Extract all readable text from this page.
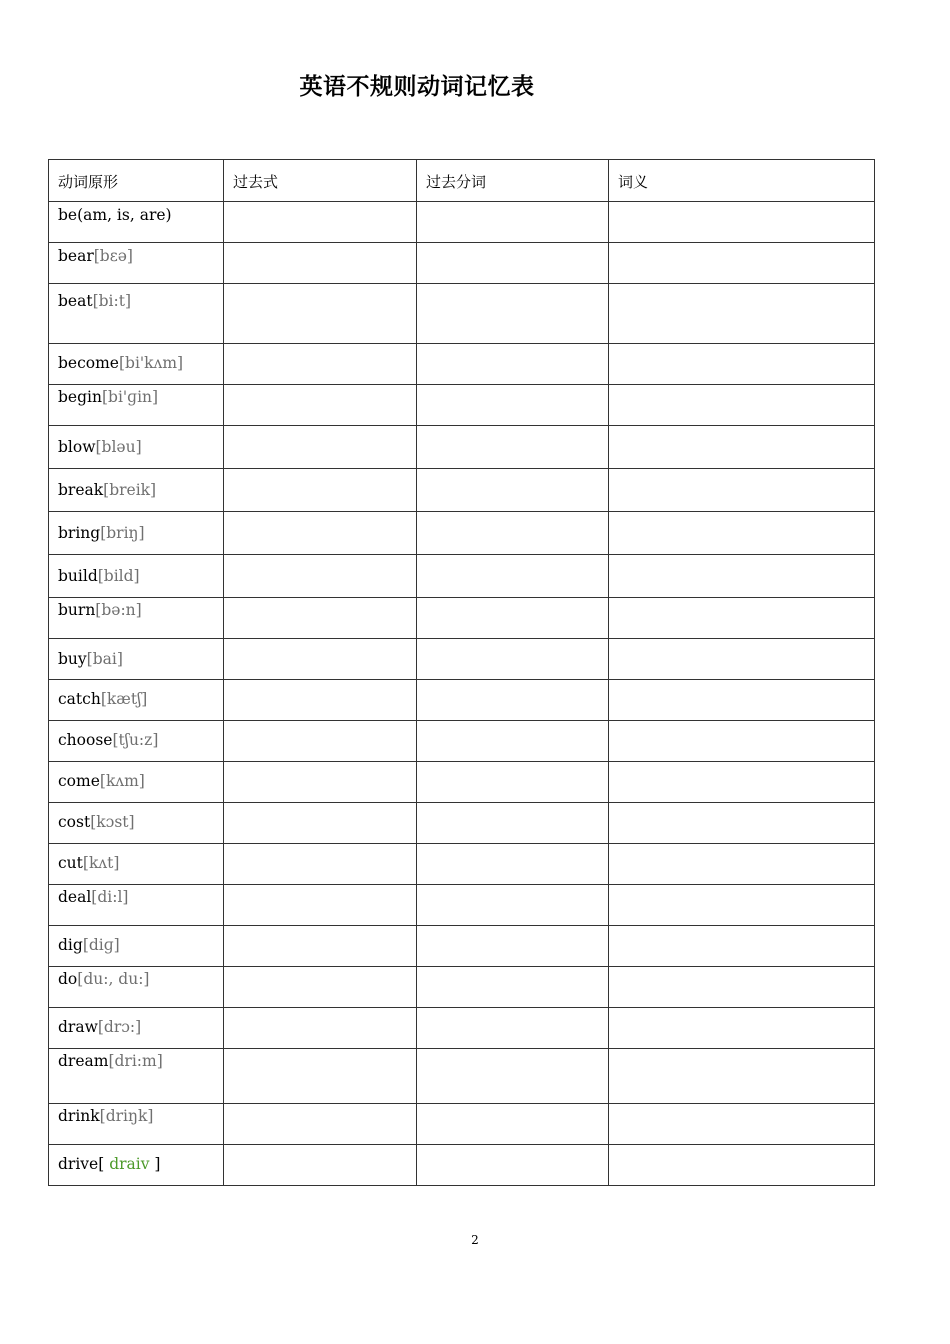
英语不规则动词记忆表
动词原形	过去式	过去分词	词义
be(am, is, are)			
bear[bεə]			
beat[bi:t]			
become[bi'kʌm]			
begin[bi'ɡin]			
blow[bləu]			
break[breik]			
bring[briŋ]			
build[bild]			
burn[bə:n]			
buy[bai]			
catch[kætʃ]			
choose[tʃu:z]			
come[kʌm]			
cost[kɔst]			
cut[kʌt]			
deal[di:l]			
dig[diɡ]			
do[du:, du:]			
draw[drɔ:]			
dream[dri:m]			
drink[driŋk]			
drive[ draiv ]			
2
